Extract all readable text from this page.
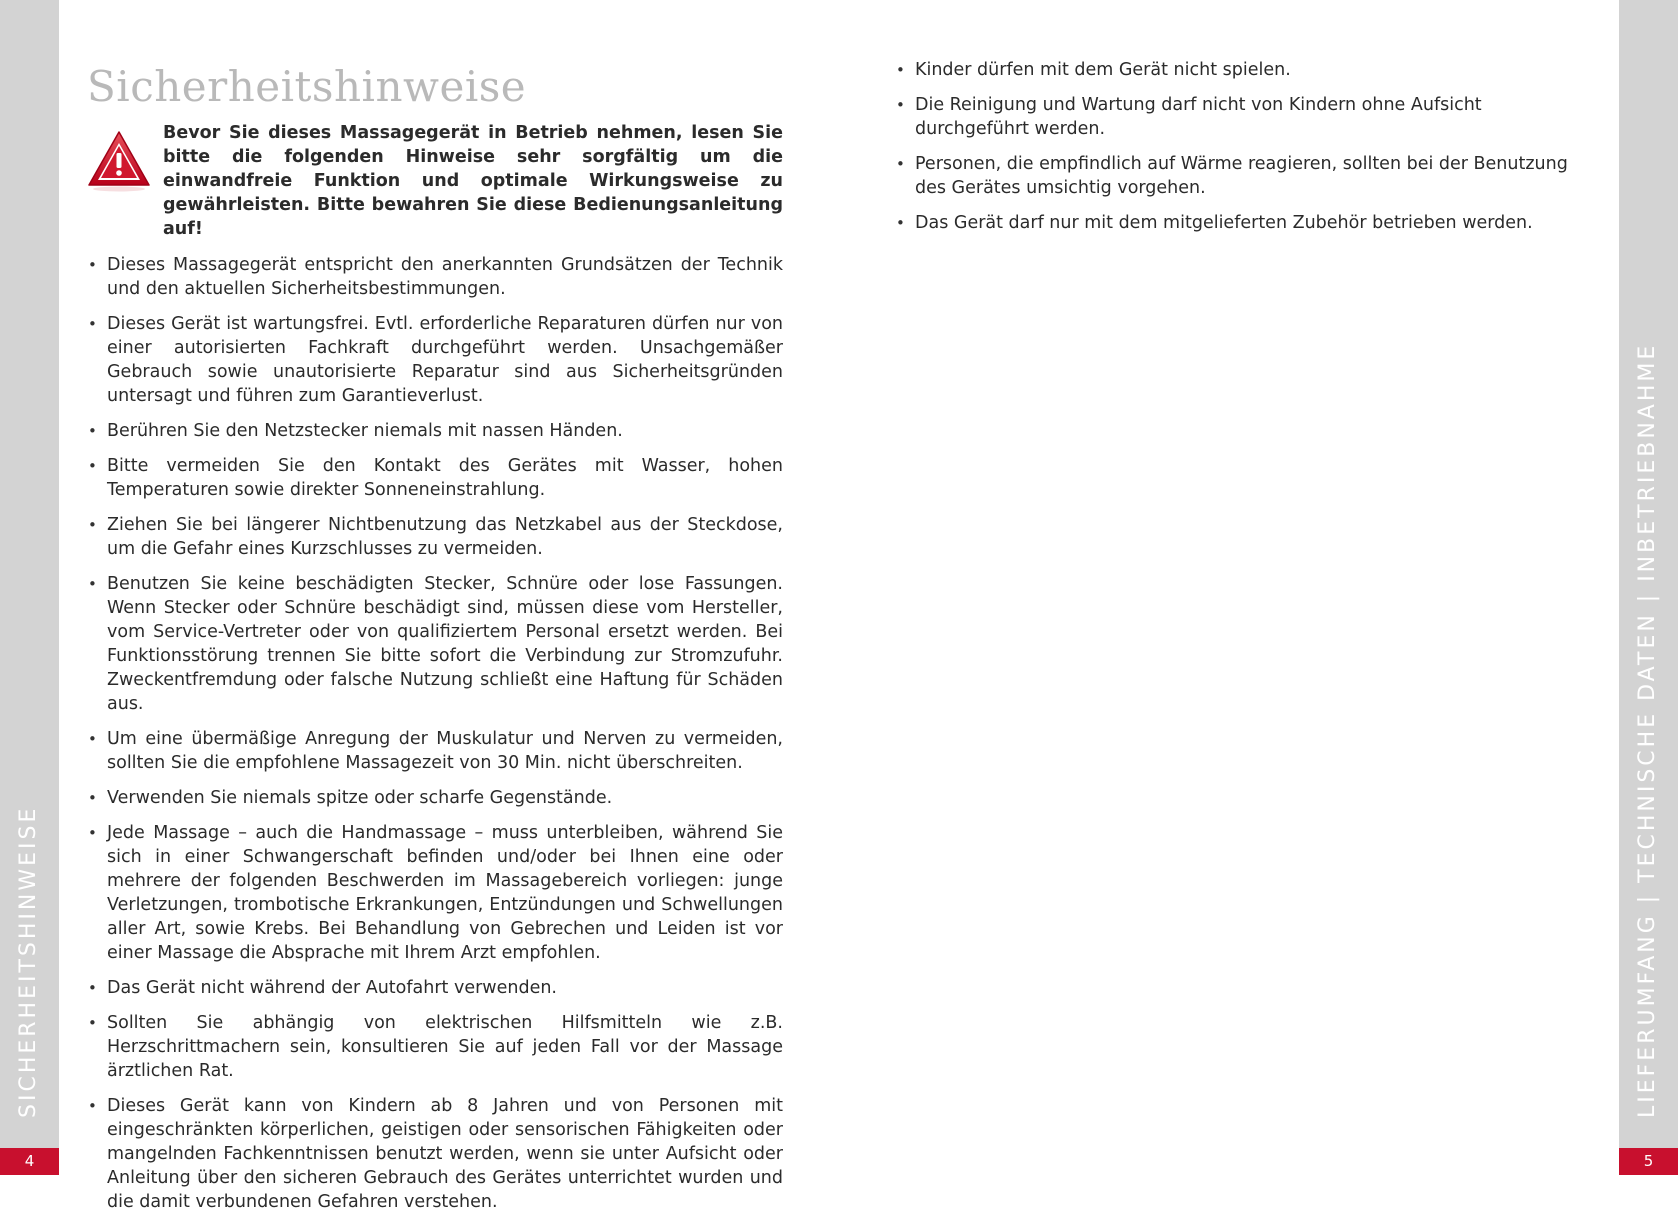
SICHERHEITSHINWEISE
4
LIEFERUMFANG | TECHNISCHE DATEN | INBETRIEBNAHME
5
Sicherheitshinweise
Bevor Sie dieses Massagegerät in Betrieb nehmen, lesen Sie bitte die folgenden Hinweise sehr sorgfältig um die einwandfreie Funktion und optimale Wirkungsweise zu gewährleisten. Bitte bewahren Sie diese Bedienungsanleitung auf!
• Dieses Massagegerät entspricht den anerkannten Grundsätzen der Technik und den aktuellen Sicherheitsbestimmungen.
• Dieses Gerät ist wartungsfrei. Evtl. erforderliche Reparaturen dürfen nur von einer autorisierten Fachkraft durchgeführt werden. Unsachgemäßer Gebrauch sowie unautorisierte Reparatur sind aus Sicherheitsgründen untersagt und führen zum Garantieverlust.
• Berühren Sie den Netzstecker niemals mit nassen Händen.
• Bitte vermeiden Sie den Kontakt des Gerätes mit Wasser, hohen Temperaturen sowie direkter Sonneneinstrahlung.
• Ziehen Sie bei längerer Nichtbenutzung das Netzkabel aus der Steckdose, um die Gefahr eines Kurzschlusses zu vermeiden.
• Benutzen Sie keine beschädigten Stecker, Schnüre oder lose Fassungen. Wenn Stecker oder Schnüre beschädigt sind, müssen diese vom Hersteller, vom Service-Vertreter oder von qualifiziertem Personal ersetzt werden. Bei Funktionsstörung trennen Sie bitte sofort die Verbindung zur Stromzufuhr. Zweckentfremdung oder falsche Nutzung schließt eine Haftung für Schäden aus.
• Um eine übermäßige Anregung der Muskulatur und Nerven zu vermeiden, sollten Sie die empfohlene Massagezeit von 30 Min. nicht überschreiten.
• Verwenden Sie niemals spitze oder scharfe Gegenstände.
• Jede Massage – auch die Handmassage – muss unterbleiben, während Sie sich in einer Schwangerschaft befinden und/oder bei Ihnen eine oder mehrere der folgenden Beschwerden im Massagebereich vorliegen: junge Verletzungen, trombotische Erkrankungen, Entzündungen und Schwellungen aller Art, sowie Krebs. Bei Behandlung von Gebrechen und Leiden ist vor einer Massage die Absprache mit Ihrem Arzt empfohlen.
• Das Gerät nicht während der Autofahrt verwenden.
• Sollten Sie abhängig von elektrischen Hilfsmitteln wie z.B. Herzschrittmachern sein, konsultieren Sie auf jeden Fall vor der Massage ärztlichen Rat.
• Dieses Gerät kann von Kindern ab 8 Jahren und von Personen mit eingeschränkten körperlichen, geistigen oder sensorischen Fähigkeiten oder mangelnden Fachkenntnissen benutzt werden, wenn sie unter Aufsicht oder Anleitung über den sicheren Gebrauch des Gerätes unterrichtet wurden und die damit verbundenen Gefahren verstehen.
• Kinder dürfen mit dem Gerät nicht spielen.
• Die Reinigung und Wartung darf nicht von Kindern ohne Aufsicht durchgeführt werden.
• Personen, die empfindlich auf Wärme reagieren, sollten bei der Benutzung des Gerätes umsichtig vorgehen.
• Das Gerät darf nur mit dem mitgelieferten Zubehör betrieben werden.
